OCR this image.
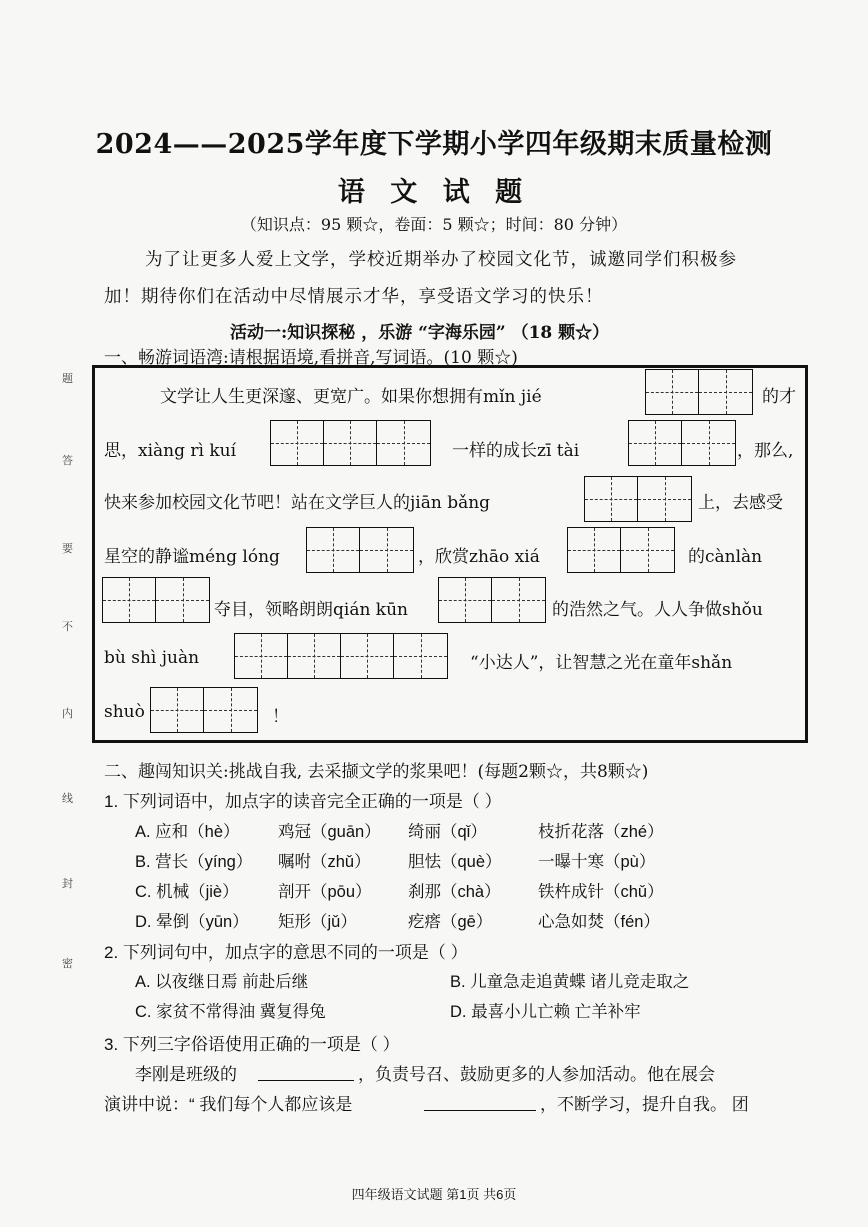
2024——2025学年度下学期小学四年级期末质量检测
语 文 试 题
（知识点：95 颗☆，卷面：5 颗☆；时间：80 分钟）
为了让更多人爱上文学，学校近期举办了校园文化节，诚邀同学们积极参
加！期待你们在活动中尽情展示才华，享受语文学习的快乐！
活动一:知识探秘 ，乐游 “字海乐园” （18 颗☆）
一、畅游词语湾:请根据语境,看拼音,写词语。(10 颗☆)
题
答
要
不
内
线
封
密
文学让人生更深邃、更宽广。如果你想拥有mǐn jié	的才
思，xiàng rì kuí	一样的成长zī tài	，那么,
快来参加校园文化节吧！站在文学巨人的jiān bǎng	上，去感受
星空的静谧méng lóng	，欣赏zhāo xiá	的cànlàn
夺目，领略朗朗qián kūn	的浩然之气。人人争做shǒu
bù shì juàn	“小达人”，让智慧之光在童年shǎn
shuò	！
二、趣闯知识关:挑战自我, 去采撷文学的浆果吧！(每题2颗☆，共8颗☆)
1. 下列词语中，加点字的读音完全正确的一项是（ ）
A. 应和（hè） 鸡冠（guān） 绮丽（qǐ）	枝折花落（zhé）
B. 营长（yíng） 嘱咐（zhǔ） 胆怯（què） 一曝十寒（pù）
C. 机械（jiè） 剖开（pōu） 刹那（chà） 铁杵成针（chǔ）
D. 晕倒（yūn） 矩形（jǔ）	疙瘩（gē）	心急如焚（fén）
2. 下列词句中，加点字的意思不同的一项是（ ）
A. 以夜继日焉 前赴后继	B. 儿童急走追黄蝶 诸儿竞走取之
C. 家贫不常得油 冀复得兔	D. 最喜小儿亡赖 亡羊补牢
3. 下列三字俗语使用正确的一项是（ ）
李刚是班级的	，负责号召、鼓励更多的人参加活动。他在展会
演讲中说：“ 我们每个人都应该是	，不断学习，提升自我。 团
四年级语文试题 第1页 共6页
